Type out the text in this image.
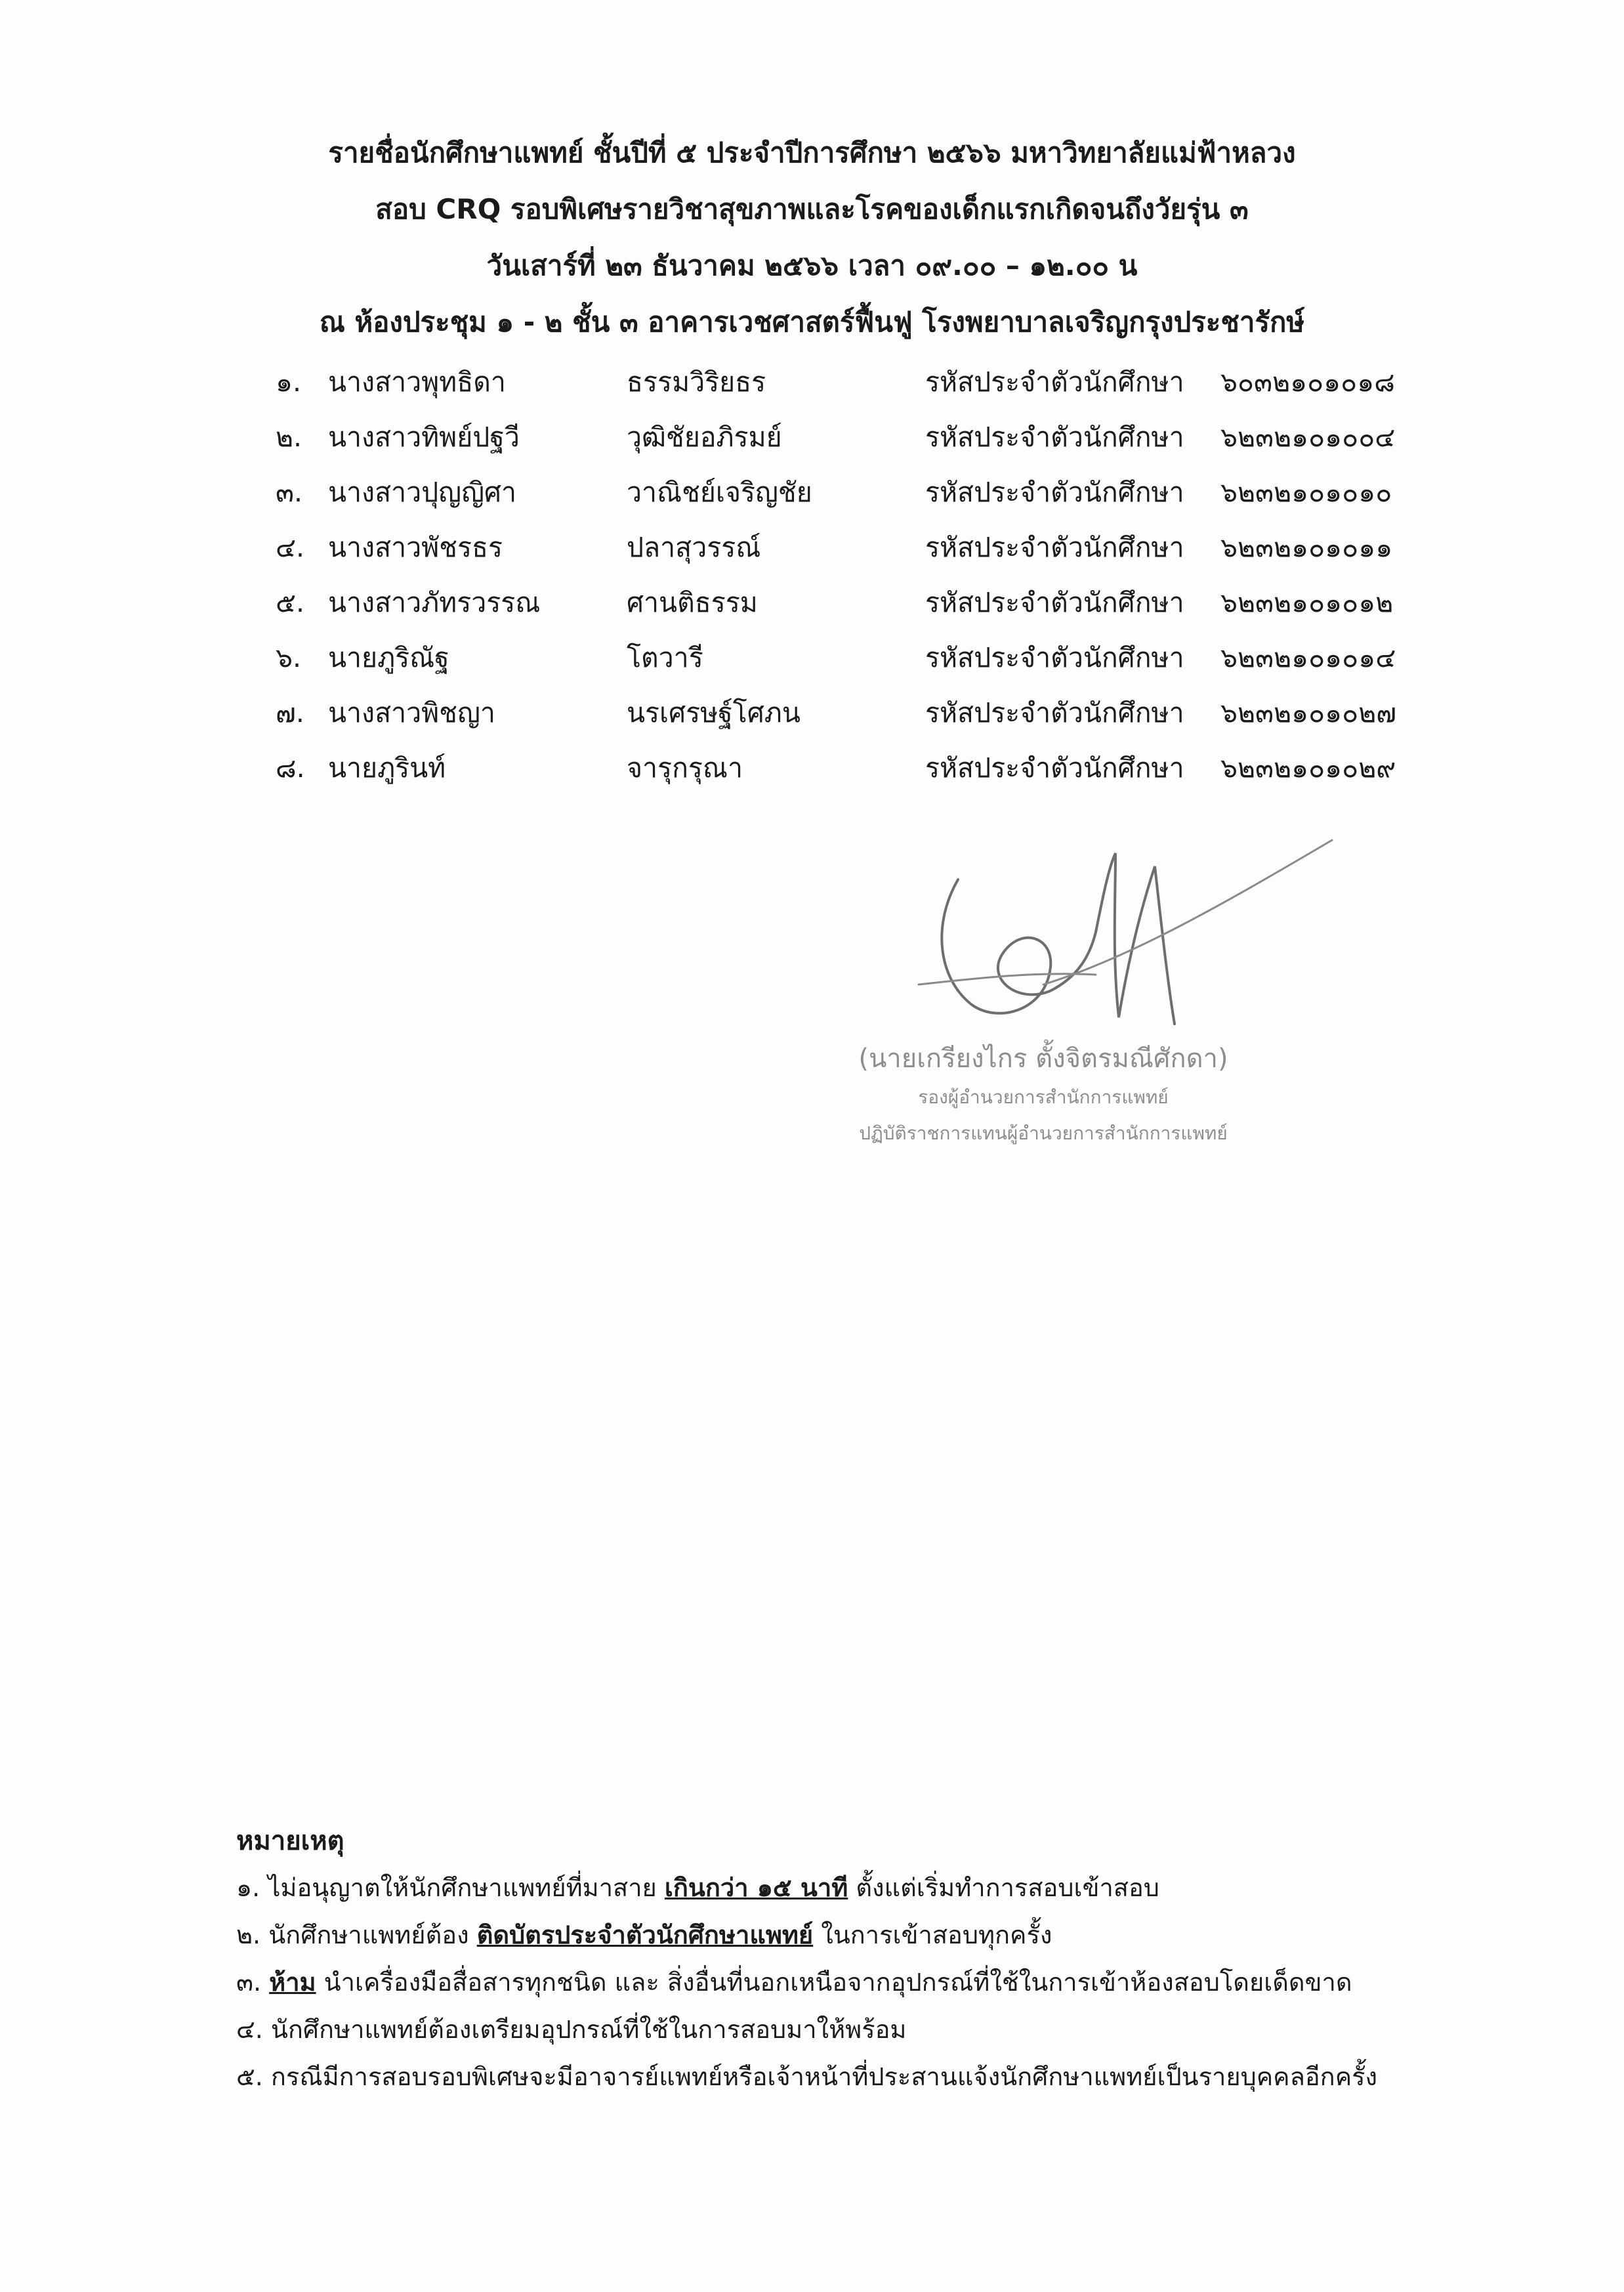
รายชื่อนักศึกษาแพทย์ ชั้นปีที่ ๕ ประจำปีการศึกษา ๒๕๖๖ มหาวิทยาลัยแม่ฟ้าหลวง
สอบ CRQ รอบพิเศษรายวิชาสุขภาพและโรคของเด็กแรกเกิดจนถึงวัยรุ่น ๓
วันเสาร์ที่ ๒๓ ธันวาคม ๒๕๖๖ เวลา ๐๙.๐๐ – ๑๒.๐๐ น
ณ ห้องประชุม ๑ - ๒ ชั้น ๓ อาคารเวชศาสตร์ฟื้นฟู โรงพยาบาลเจริญกรุงประชารักษ์
๑. นางสาวพุทธิดา	ธรรมวิริยธร	รหัสประจำตัวนักศึกษา ๖๐๓๒๑๐๑๐๑๘
๒. นางสาวทิพย์ปฐวี	วุฒิชัยอภิรมย์	รหัสประจำตัวนักศึกษา ๖๒๓๒๑๐๑๐๐๔
๓. นางสาวปุญญิศา	วาณิชย์เจริญชัย	รหัสประจำตัวนักศึกษา ๖๒๓๒๑๐๑๐๑๐
๔. นางสาวพัชรธร	ปลาสุวรรณ์	รหัสประจำตัวนักศึกษา ๖๒๓๒๑๐๑๐๑๑
๕. นางสาวภัทรวรรณ	ศานติธรรม	รหัสประจำตัวนักศึกษา ๖๒๓๒๑๐๑๐๑๒
๖. นายภูริณัฐ	โตวารี	รหัสประจำตัวนักศึกษา ๖๒๓๒๑๐๑๐๑๔
๗. นางสาวพิชญา	นรเศรษฐ์โศภน	รหัสประจำตัวนักศึกษา ๖๒๓๒๑๐๑๐๒๗
๘. นายภูรินท์	จารุกรุณา	รหัสประจำตัวนักศึกษา ๖๒๓๒๑๐๑๐๒๙
(นายเกรียงไกร ตั้งจิตรมณีศักดา)
รองผู้อำนวยการสำนักการแพทย์
ปฏิบัติราชการแทนผู้อำนวยการสำนักการแพทย์
หมายเหตุ
๑. ไม่อนุญาตให้นักศึกษาแพทย์ที่มาสาย เกินกว่า ๑๕ นาที ตั้งแต่เริ่มทำการสอบเข้าสอบ
๒. นักศึกษาแพทย์ต้อง ติดบัตรประจำตัวนักศึกษาแพทย์ ในการเข้าสอบทุกครั้ง
๓. ห้าม นำเครื่องมือสื่อสารทุกชนิด และ สิ่งอื่นที่นอกเหนือจากอุปกรณ์ที่ใช้ในการเข้าห้องสอบโดยเด็ดขาด
๔. นักศึกษาแพทย์ต้องเตรียมอุปกรณ์ที่ใช้ในการสอบมาให้พร้อม
๕. กรณีมีการสอบรอบพิเศษจะมีอาจารย์แพทย์หรือเจ้าหน้าที่ประสานแจ้งนักศึกษาแพทย์เป็นรายบุคคลอีกครั้ง
